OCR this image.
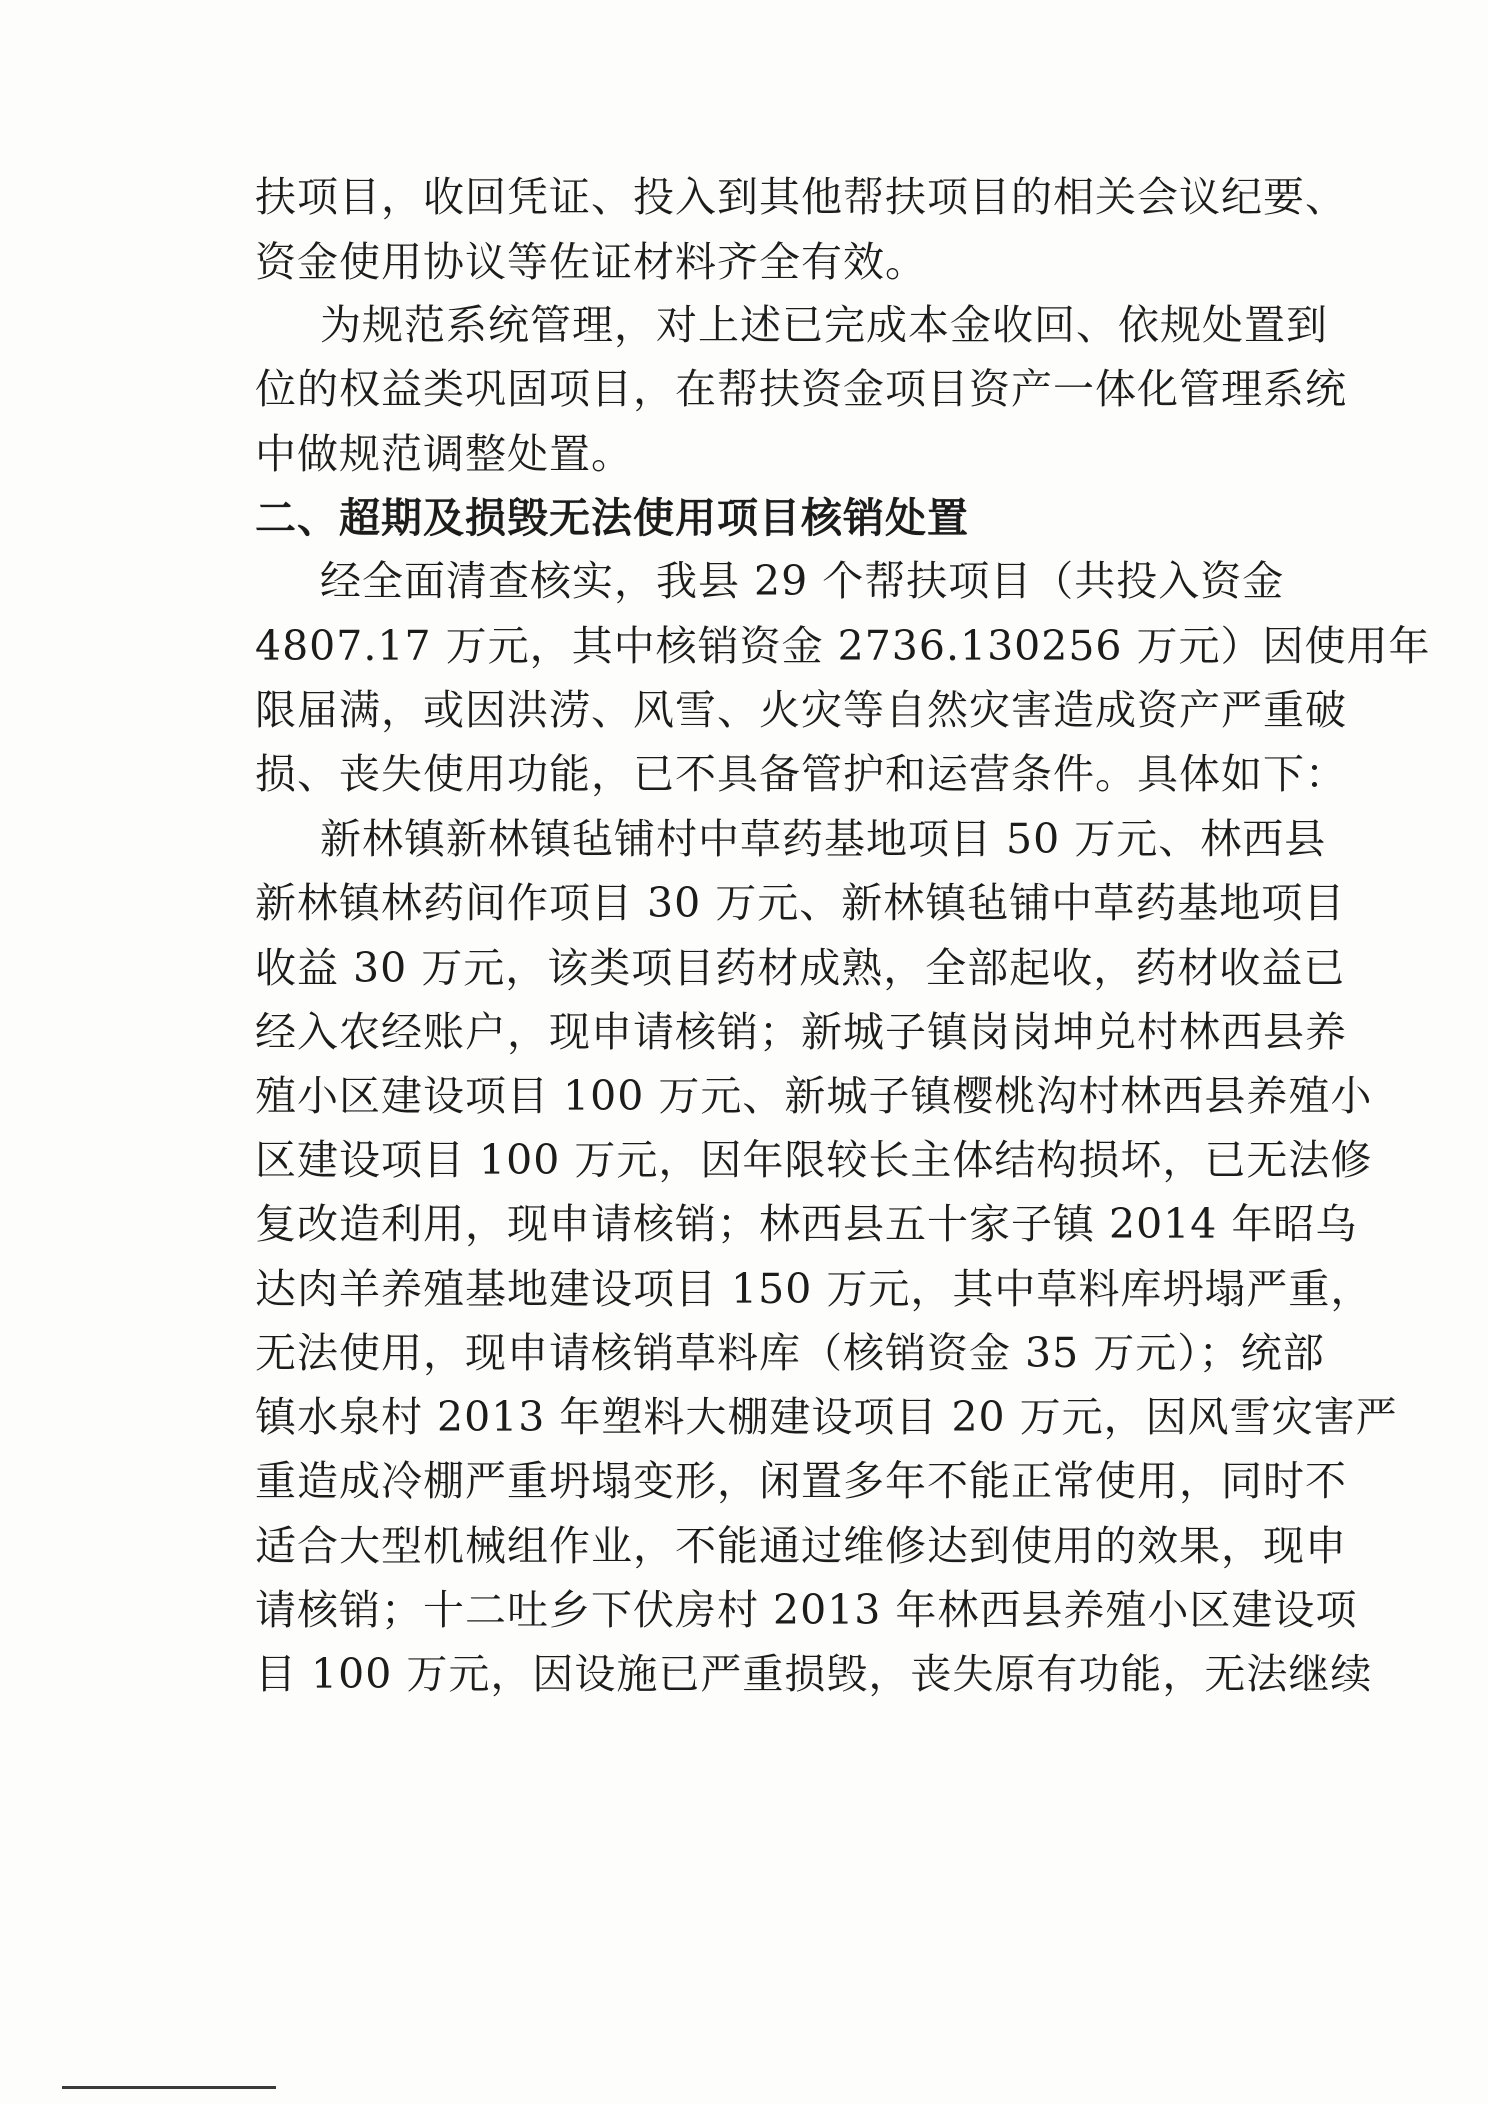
扶项目，收回凭证、投入到其他帮扶项目的相关会议纪要、
资金使用协议等佐证材料齐全有效。
为规范系统管理，对上述已完成本金收回、依规处置到
位的权益类巩固项目，在帮扶资金项目资产一体化管理系统
中做规范调整处置。
二、超期及损毁无法使用项目核销处置
经全面清查核实，我县 29 个帮扶项目（共投入资金
4807.17 万元，其中核销资金 2736.130256 万元）因使用年
限届满，或因洪涝、风雪、火灾等自然灾害造成资产严重破
损、丧失使用功能，已不具备管护和运营条件。具体如下：
新林镇新林镇毡铺村中草药基地项目 50 万元、林西县
新林镇林药间作项目 30 万元、新林镇毡铺中草药基地项目
收益 30 万元，该类项目药材成熟，全部起收，药材收益已
经入农经账户，现申请核销；新城子镇岗岗坤兑村林西县养
殖小区建设项目 100 万元、新城子镇樱桃沟村林西县养殖小
区建设项目 100 万元，因年限较长主体结构损坏，已无法修
复改造利用，现申请核销；林西县五十家子镇 2014 年昭乌
达肉羊养殖基地建设项目 150 万元，其中草料库坍塌严重，
无法使用，现申请核销草料库（核销资金 35 万元）；统部
镇水泉村 2013 年塑料大棚建设项目 20 万元，因风雪灾害严
重造成冷棚严重坍塌变形，闲置多年不能正常使用，同时不
适合大型机械组作业，不能通过维修达到使用的效果，现申
请核销；十二吐乡下伏房村 2013 年林西县养殖小区建设项
目 100 万元，因设施已严重损毁，丧失原有功能，无法继续
